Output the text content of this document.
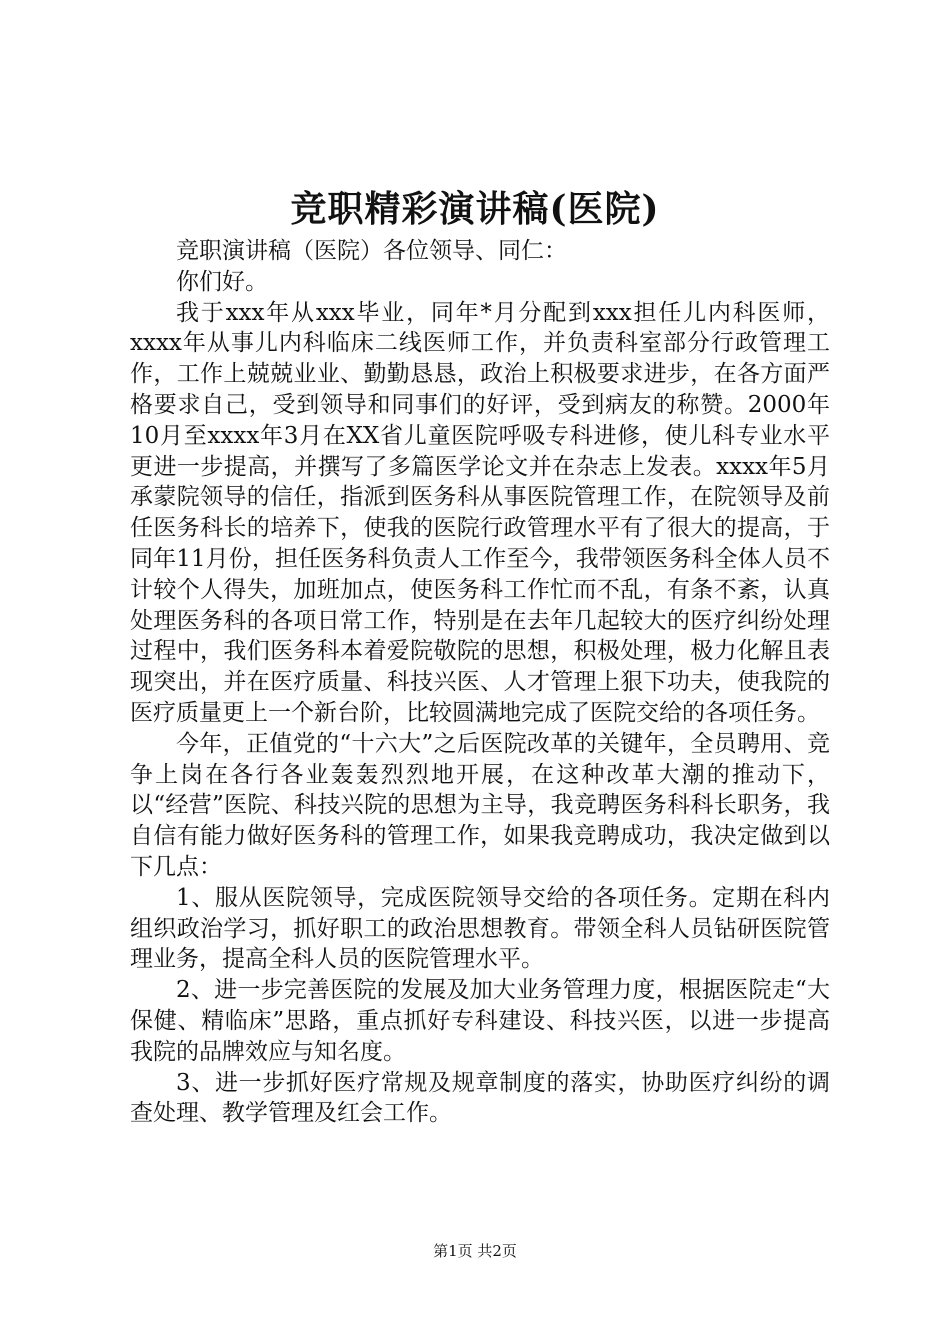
竞职精彩演讲稿(医院)

竞职演讲稿（医院）各位领导、同仁：

你们好。

我于xxx年从xxx毕业，同年*月分配到xxx担任儿内科医师，xxxx年从事儿内科临床二线医师工作，并负责科室部分行政管理工作，工作上兢兢业业、勤勤恳恳，政治上积极要求进步，在各方面严格要求自己，受到领导和同事们的好评，受到病友的称赞。2000年10月至xxxx年3月在XX省儿童医院呼吸专科进修，使儿科专业水平更进一步提高，并撰写了多篇医学论文并在杂志上发表。xxxx年5月承蒙院领导的信任，指派到医务科从事医院管理工作，在院领导及前任医务科长的培养下，使我的医院行政管理水平有了很大的提高，于同年11月份，担任医务科负责人工作至今，我带领医务科全体人员不计较个人得失，加班加点，使医务科工作忙而不乱，有条不紊，认真处理医务科的各项日常工作，特别是在去年几起较大的医疗纠纷处理过程中，我们医务科本着爱院敬院的思想，积极处理，极力化解且表现突出，并在医疗质量、科技兴医、人才管理上狠下功夫，使我院的医疗质量更上一个新台阶，比较圆满地完成了医院交给的各项任务。

今年，正值党的“十六大”之后医院改革的关键年，全员聘用、竞争上岗在各行各业轰轰烈烈地开展，在这种改革大潮的推动下，以“经营”医院、科技兴院的思想为主导，我竞聘医务科科长职务，我自信有能力做好医务科的管理工作，如果我竞聘成功，我决定做到以下几点：

1、服从医院领导，完成医院领导交给的各项任务。定期在科内组织政治学习，抓好职工的政治思想教育。带领全科人员钻研医院管理业务，提高全科人员的医院管理水平。

2、进一步完善医院的发展及加大业务管理力度，根据医院走“大保健、精临床”思路，重点抓好专科建设、科技兴医，以进一步提高我院的品牌效应与知名度。

3、进一步抓好医疗常规及规章制度的落实，协助医疗纠纷的调查处理、教学管理及红会工作。

第1页 共2页
